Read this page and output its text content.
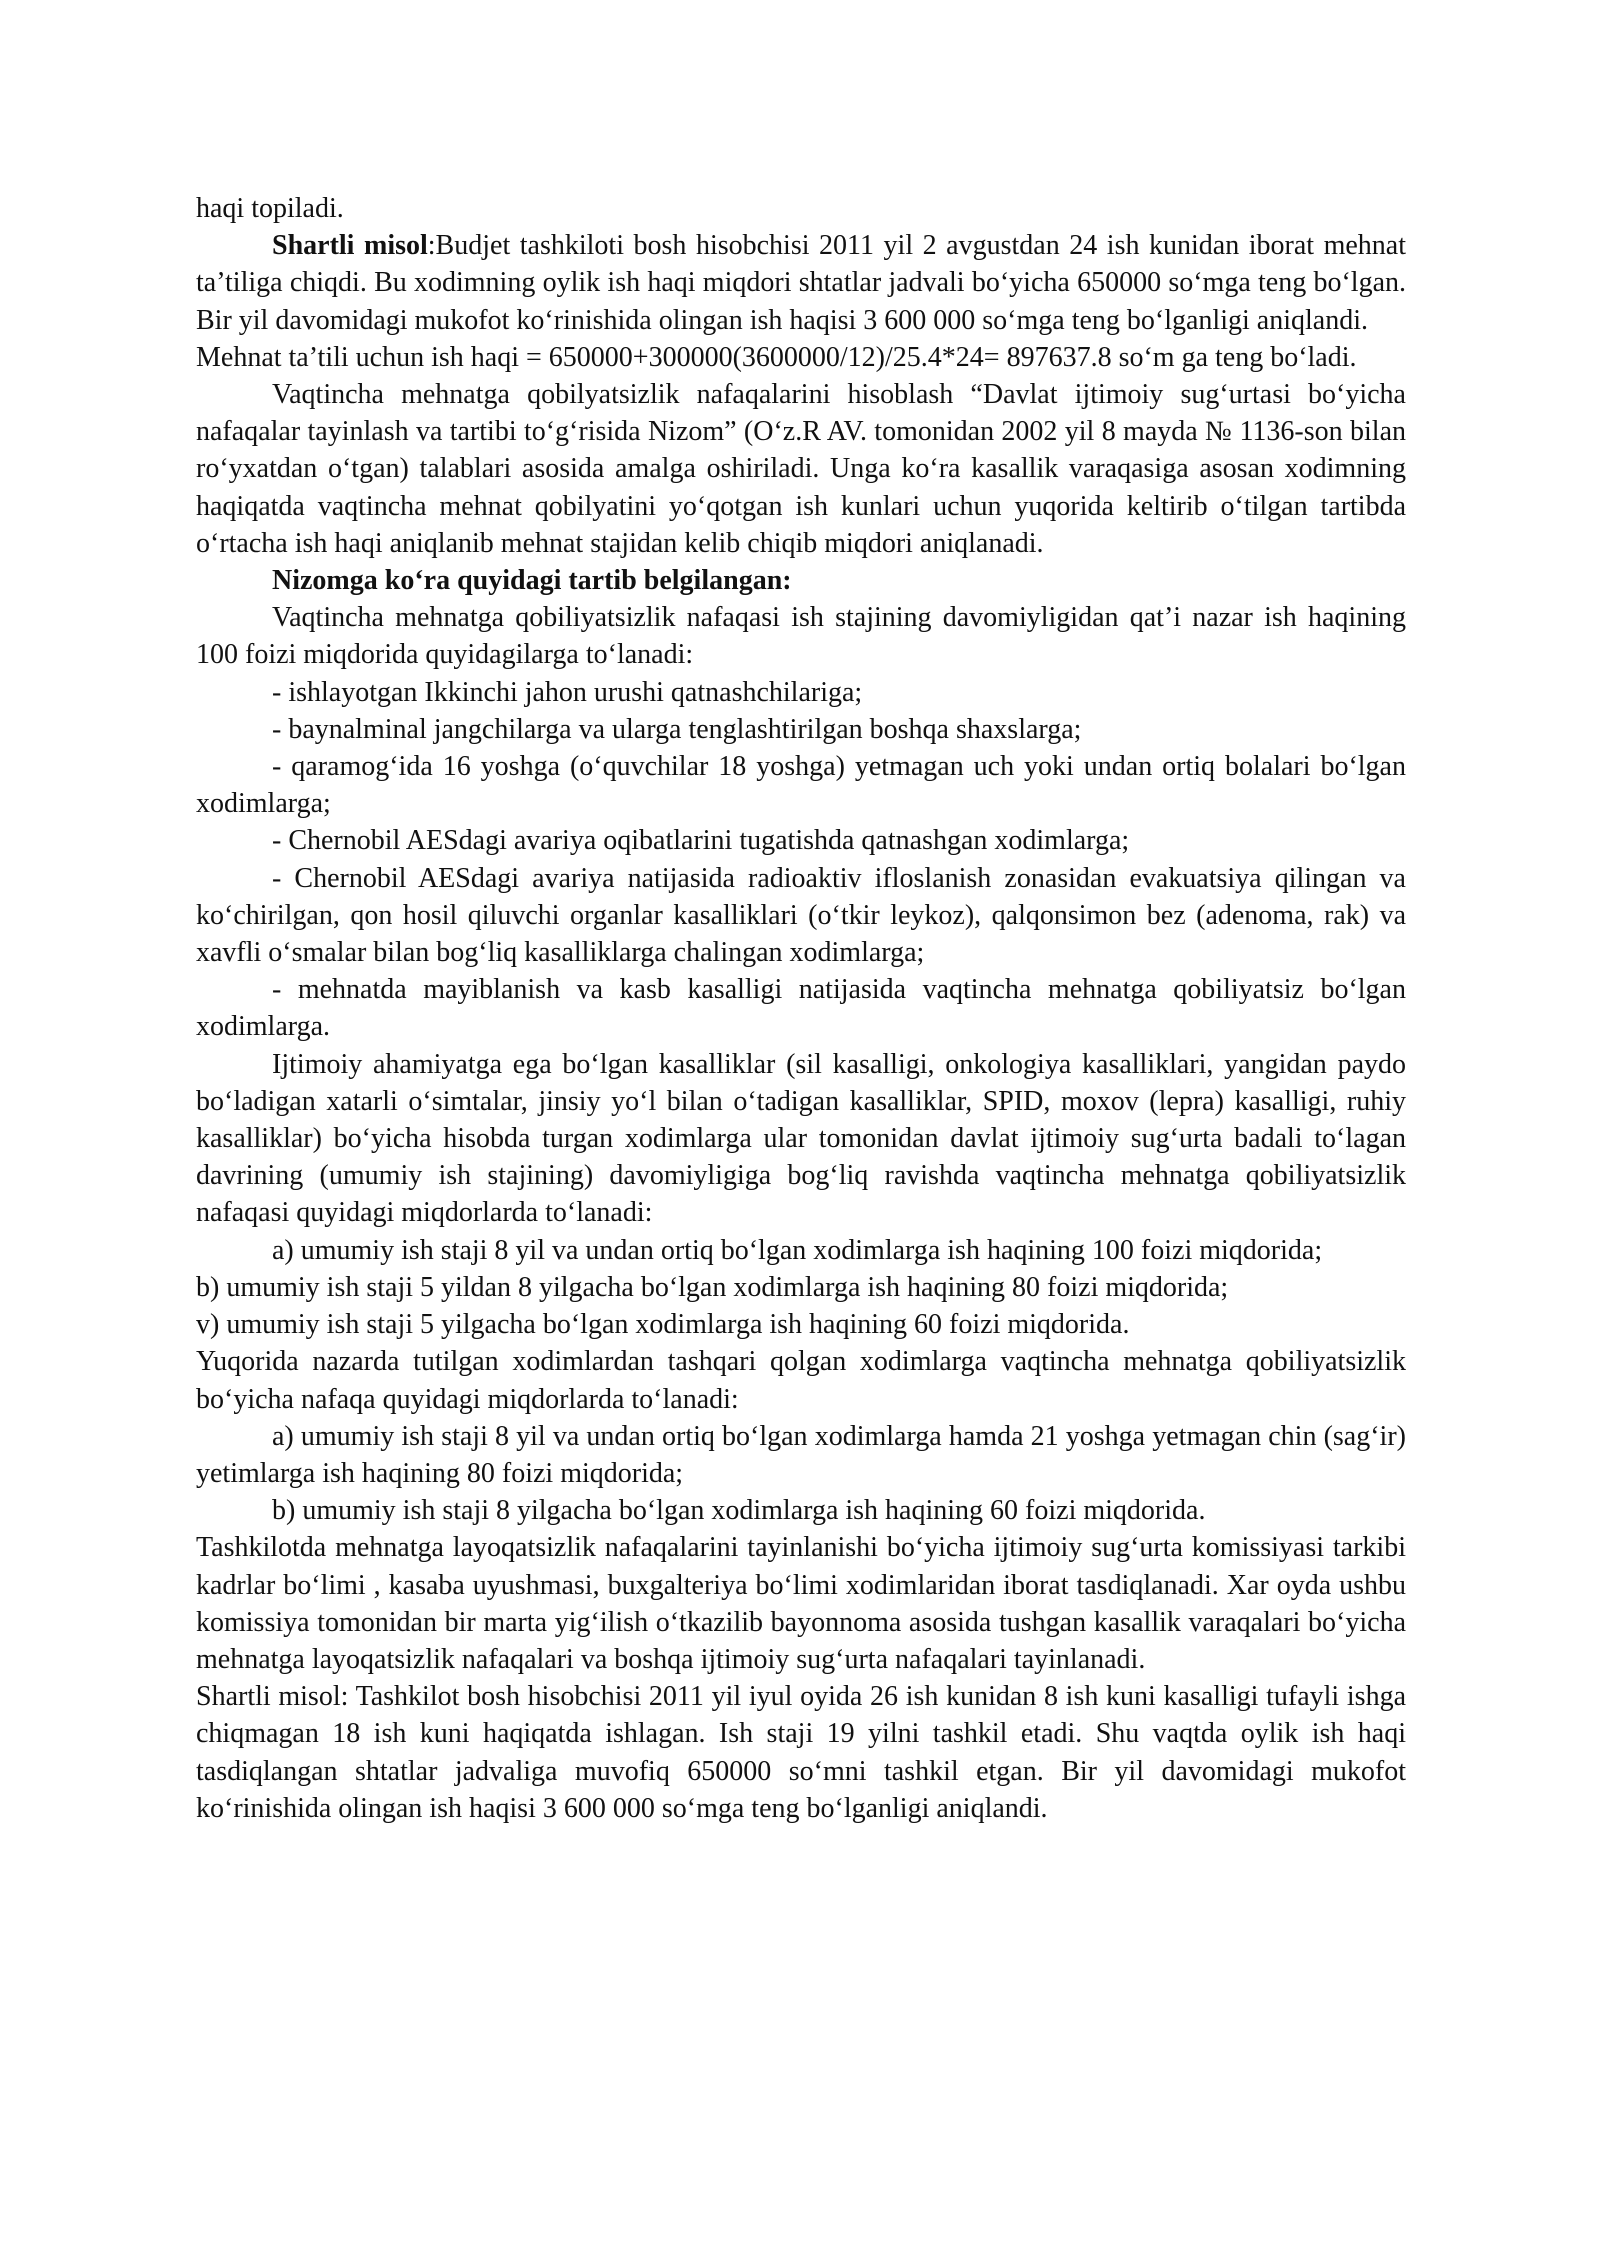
haqi topiladi.

Shartli misol:Budjet tashkiloti bosh hisobchisi 2011 yil 2 avgustdan 24 ish kunidan iborat mehnat ta’tiliga chiqdi. Bu xodimning oylik ish haqi miqdori shtatlar jadvali bo‘yicha 650000 so‘mga teng bo‘lgan. Bir yil davomidagi mukofot ko‘rinishida olingan ish haqisi 3 600 000 so‘mga teng bo‘lganligi aniqlandi.

Mehnat ta’tili uchun ish haqi = 650000+300000(3600000/12)/25.4*24= 897637.8 so‘m ga teng bo‘ladi.

Vaqtincha mehnatga qobilyatsizlik nafaqalarini hisoblash “Davlat ijtimoiy sug‘urtasi bo‘yicha nafaqalar tayinlash va tartibi to‘g‘risida Nizom” (O‘z.R AV. tomonidan 2002 yil 8 mayda № 1136-son bilan ro‘yxatdan o‘tgan) talablari asosida amalga oshiriladi. Unga ko‘ra kasallik varaqasiga asosan xodimning haqiqatda vaqtincha mehnat qobilyatini yo‘qotgan ish kunlari uchun yuqorida keltirib o‘tilgan tartibda o‘rtacha ish haqi aniqlanib mehnat stajidan kelib chiqib miqdori aniqlanadi.

Nizomga ko‘ra quyidagi tartib belgilangan:

Vaqtincha mehnatga qobiliyatsizlik nafaqasi ish stajining davomiyligidan qat’i nazar ish haqining 100 foizi miqdorida quyidagilarga to‘lanadi:

- ishlayotgan Ikkinchi jahon urushi qatnashchilariga;

- baynalminal jangchilarga va ularga tenglashtirilgan boshqa shaxslarga;

- qaramog‘ida 16 yoshga (o‘quvchilar 18 yoshga) yetmagan uch yoki undan ortiq bolalari bo‘lgan xodimlarga;

- Chernobil AESdagi avariya oqibatlarini tugatishda qatnashgan xodimlarga;

- Chernobil AESdagi avariya natijasida radioaktiv ifloslanish zonasidan evakuatsiya qilingan va ko‘chirilgan, qon hosil qiluvchi organlar kasalliklari (o‘tkir leykoz), qalqonsimon bez (adenoma, rak) va xavfli o‘smalar bilan bog‘liq kasalliklarga chalingan xodimlarga;

- mehnatda mayiblanish va kasb kasalligi natijasida vaqtincha mehnatga qobiliyatsiz bo‘lgan xodimlarga.

Ijtimoiy ahamiyatga ega bo‘lgan kasalliklar (sil kasalligi, onkologiya kasalliklari, yangidan paydo bo‘ladigan xatarli o‘simtalar, jinsiy yo‘l bilan o‘tadigan kasalliklar, SPID, moxov (lepra) kasalligi, ruhiy kasalliklar) bo‘yicha hisobda turgan xodimlarga ular tomonidan davlat ijtimoiy sug‘urta badali to‘lagan davrining (umumiy ish stajining) davomiyligiga bog‘liq ravishda vaqtincha mehnatga qobiliyatsizlik nafaqasi quyidagi miqdorlarda to‘lanadi:

a) umumiy ish staji 8 yil va undan ortiq bo‘lgan xodimlarga ish haqining 100 foizi miqdorida;

b) umumiy ish staji 5 yildan 8 yilgacha bo‘lgan xodimlarga ish haqining 80 foizi miqdorida;

v) umumiy ish staji 5 yilgacha bo‘lgan xodimlarga ish haqining 60 foizi miqdorida.

Yuqorida nazarda tutilgan xodimlardan tashqari qolgan xodimlarga vaqtincha mehnatga qobiliyatsizlik bo‘yicha nafaqa quyidagi miqdorlarda to‘lanadi:

a) umumiy ish staji 8 yil va undan ortiq bo‘lgan xodimlarga hamda 21 yoshga yetmagan chin (sag‘ir) yetimlarga ish haqining 80 foizi miqdorida;

b) umumiy ish staji 8 yilgacha bo‘lgan xodimlarga ish haqining 60 foizi miqdorida.

Tashkilotda mehnatga layoqatsizlik nafaqalarini tayinlanishi bo‘yicha ijtimoiy sug‘urta komissiyasi tarkibi kadrlar bo‘limi , kasaba uyushmasi, buxgalteriya bo‘limi xodimlaridan iborat tasdiqlanadi. Xar oyda ushbu komissiya tomonidan bir marta yig‘ilish o‘tkazilib bayonnoma asosida tushgan kasallik varaqalari bo‘yicha mehnatga layoqatsizlik nafaqalari va boshqa ijtimoiy sug‘urta nafaqalari tayinlanadi.

Shartli misol: Tashkilot bosh hisobchisi 2011 yil iyul oyida 26 ish kunidan 8 ish kuni kasalligi tufayli ishga chiqmagan 18 ish kuni haqiqatda ishlagan. Ish staji 19 yilni tashkil etadi. Shu vaqtda oylik ish haqi tasdiqlangan shtatlar jadvaliga muvofiq 650000 so‘mni tashkil etgan. Bir yil davomidagi mukofot ko‘rinishida olingan ish haqisi 3 600 000 so‘mga teng bo‘lganligi aniqlandi.
